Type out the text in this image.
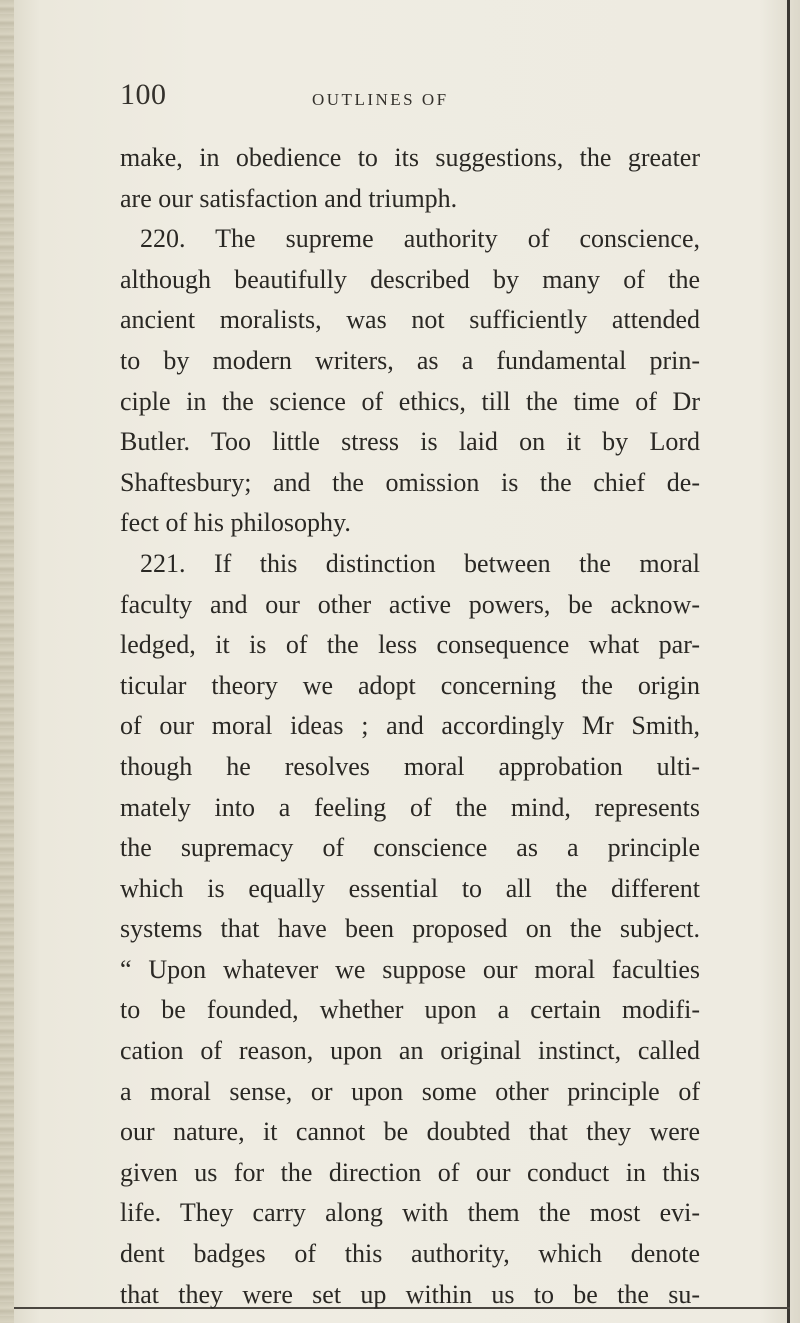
100	OUTLINES OF
make, in obedience to its suggestions, the greater
are our satisfaction and triumph.
220. The supreme authority of conscience,
although beautifully described by many of the
ancient moralists, was not sufficiently attended
to by modern writers, as a fundamental prin-
ciple in the science of ethics, till the time of Dr
Butler. Too little stress is laid on it by Lord
Shaftesbury; and the omission is the chief de-
fect of his philosophy.
221. If this distinction between the moral
faculty and our other active powers, be acknow-
ledged, it is of the less consequence what par-
ticular theory we adopt concerning the origin
of our moral ideas ; and accordingly Mr Smith,
though he resolves moral approbation ulti-
mately into a feeling of the mind, represents
the supremacy of conscience as a principle
which is equally essential to all the different
systems that have been proposed on the subject.
“ Upon whatever we suppose our moral faculties
to be founded, whether upon a certain modifi-
cation of reason, upon an original instinct, called
a moral sense, or upon some other principle of
our nature, it cannot be doubted that they were
given us for the direction of our conduct in this
life. They carry along with them the most evi-
dent badges of this authority, which denote
that they were set up within us to be the su-
